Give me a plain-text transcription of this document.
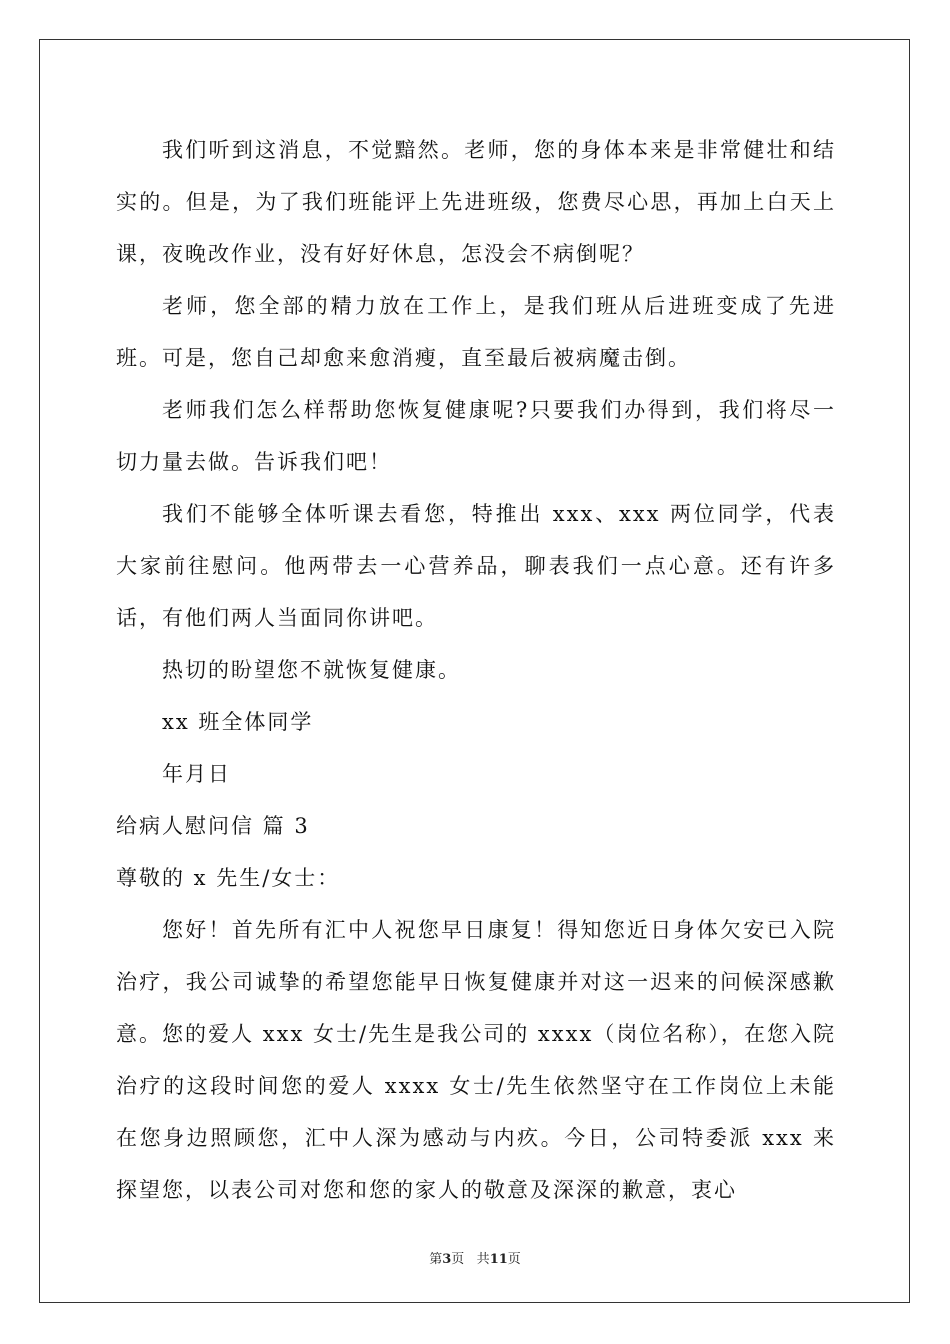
我们听到这消息，不觉黯然。老师，您的身体本来是非常健壮和结实的。但是，为了我们班能评上先进班级，您费尽心思，再加上白天上课，夜晚改作业，没有好好休息，怎没会不病倒呢？

老师，您全部的精力放在工作上，是我们班从后进班变成了先进班。可是，您自己却愈来愈消瘦，直至最后被病魔击倒。

老师我们怎么样帮助您恢复健康呢?只要我们办得到，我们将尽一切力量去做。告诉我们吧！

我们不能够全体听课去看您，特推出 xxx、xxx 两位同学，代表大家前往慰问。他两带去一心营养品，聊表我们一点心意。还有许多话，有他们两人当面同你讲吧。

热切的盼望您不就恢复健康。

xx 班全体同学

年月日

给病人慰问信 篇 3

尊敬的 x 先生/女士：

您好！首先所有汇中人祝您早日康复！得知您近日身体欠安已入院治疗，我公司诚挚的希望您能早日恢复健康并对这一迟来的问候深感歉意。您的爱人 xxx 女士/先生是我公司的 xxxx（岗位名称），在您入院治疗的这段时间您的爱人 xxxx 女士/先生依然坚守在工作岗位上未能在您身边照顾您，汇中人深为感动与内疚。今日，公司特委派 xxx 来探望您，以表公司对您和您的家人的敬意及深深的歉意，衷心

第3页 共11页
